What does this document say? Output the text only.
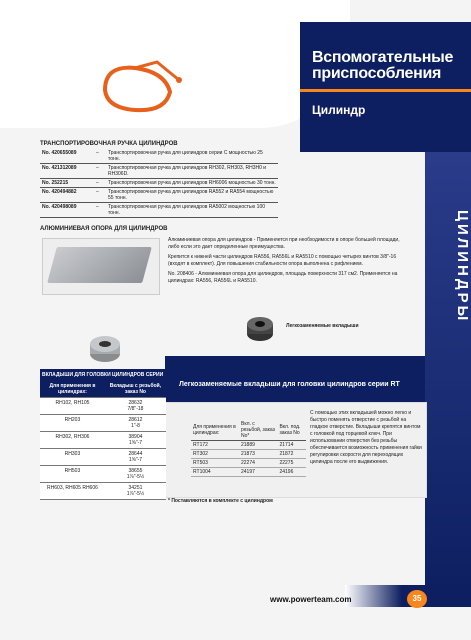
Вспомогательные приспособления
Цилиндр
ЦИЛИНДРЫ
ТРАНСПОРТИРОВОЧНАЯ РУЧКА ЦИЛИНДРОВ
No. 420655089	–	Транспортировочная ручка для цилиндров серии С мощностью 25 тонн.
No. 421312089	–	Транспортировочная ручка для цилиндров RH302, RH303, RH3H0 и RH306D.
No. 252215	–	Транспортировочная ручка для цилиндров RH6006 мощностью 30 тонн.
No. 420494882	–	Транспортировочная ручка для цилиндров RA552 и RA554 мощностью 55 тонн.
No. 420498089	–	Транспортировочная ручка для цилиндров RA5002 мощностью 100 тонн.
АЛЮМИНИЕВАЯ ОПОРА ДЛЯ ЦИЛИНДРОВ

Алюминиевая опора для цилиндров - Применяется при необходимости в опоре большей площади, либо если это дает определенные преимущества.

Крепится к нижней части цилиндров RA556, RA556L и RA5510 с помощью четырех винтов 3/8"-16 (входят в комплект). Для повышения стабильности опора выполнена с рифлением.

No. 208406 - Алюминиевая опора для цилиндров, площадь поверхности 317 см2. Применяется на цилиндрах: RA556, RA556L и RA5510.

Легкозаменяемые вкладыши
ВКЛАДЫШИ ДЛЯ ГОЛОВКИ ЦИЛИНДРОВ СЕРИИ
Легкозаменяемые вкладыши для головки цилиндров серии RT
Для применения в цилиндрах:	Вкладыш с резьбой, заказ No
RH102, RH105	28632
7/8"-18
RH203	28612
1"-8
RH302, RH306	38904
1⅝"-7
RH303	28644
1⅝"-7
RH503	38655
1⅞"-5½
RH603, RH605 RH606	34251
1⅞"-5½
Для применения в цилиндрах:	Вкл. с резьбой, заказ No*	Вкл. под. заказ No
RT172	21889	21714
RT302	21873	21872
RT503	22274	22275
RT1004	24197	24196
С помощью этих вкладышей можно легко и быстро поменять отверстие с резьбой на гладкое отверстие. Вкладыши крепятся винтом с головкой под торцевой ключ. При использовании отверстия без резьбы обеспечивается возможность применения гайки регулировки скорости для переходящих цилиндра после его выдвижения.
* Поставляются в комплекте с цилиндром
www.powerteam.com	35
